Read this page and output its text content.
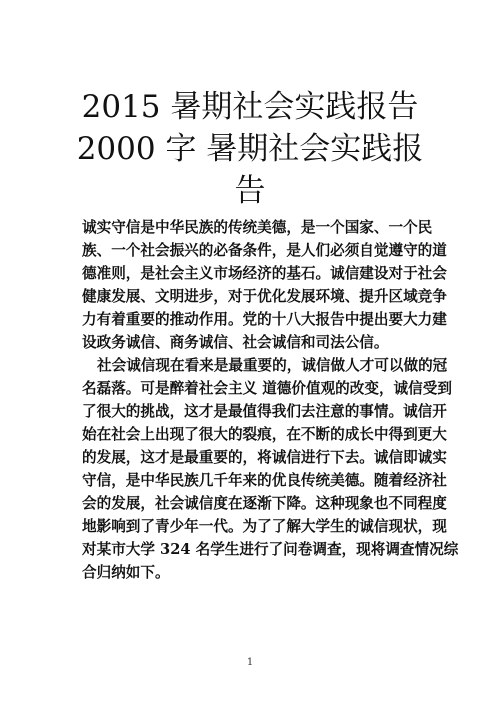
2015 暑期社会实践报告
2000 字 暑期社会实践报
告
诚实守信是中华民族的传统美德，是一个国家、一个民
族、一个社会振兴的必备条件，是人们必须自觉遵守的道
德准则，是社会主义市场经济的基石。诚信建设对于社会
健康发展、文明进步，对于优化发展环境、提升区域竞争
力有着重要的推动作用。党的十八大报告中提出要大力建
设政务诚信、商务诚信、社会诚信和司法公信。
社会诚信现在看来是最重要的，诚信做人才可以做的冠
名磊落。可是醉着社会主义 道德价值观的改变，诚信受到
了很大的挑战，这才是最值得我们去注意的事情。诚信开
始在社会上出现了很大的裂痕，在不断的成长中得到更大
的发展，这才是最重要的，将诚信进行下去。诚信即诚实
守信，是中华民族几千年来的优良传统美德。随着经济社
会的发展，社会诚信度在逐渐下降。这种现象也不同程度
地影响到了青少年一代。为了了解大学生的诚信现状，现
对某市大学 324 名学生进行了问卷调查，现将调查情况综
合归纳如下。
1
